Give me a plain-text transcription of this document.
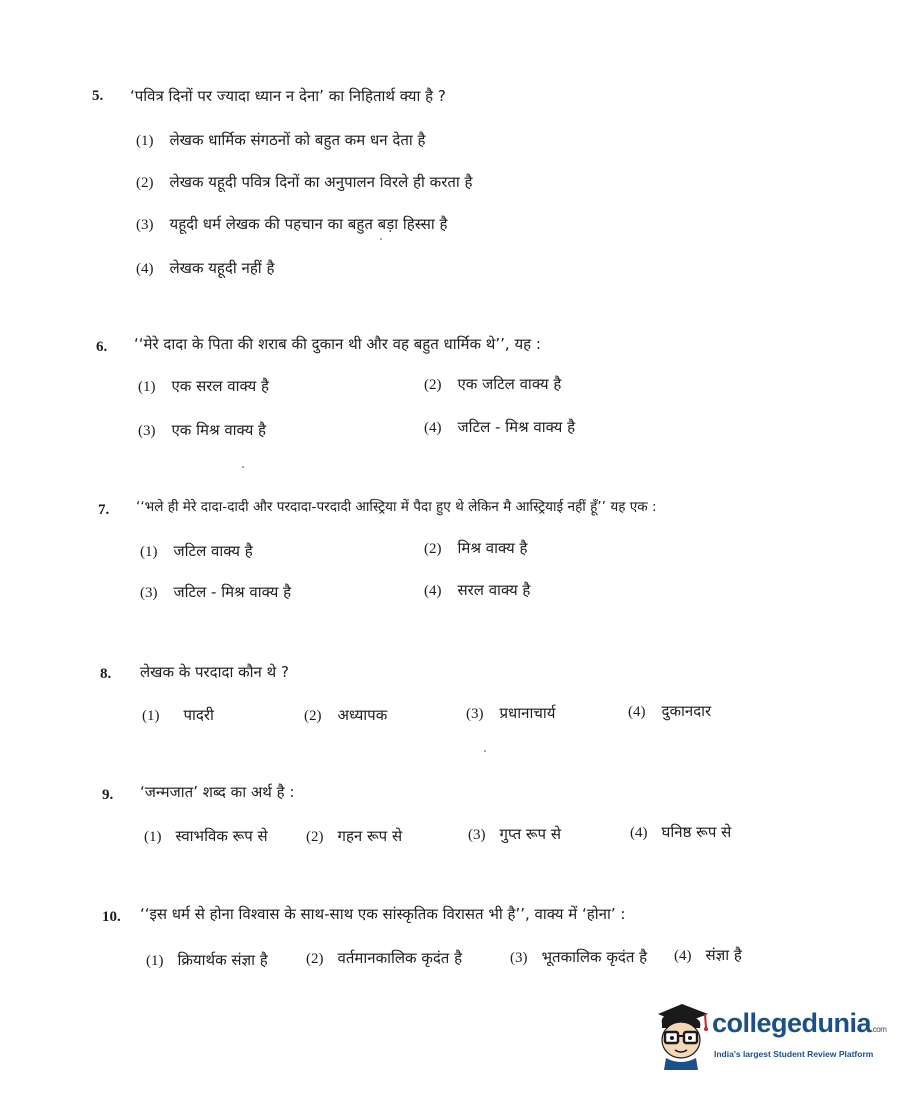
5. ‘पवित्र दिनों पर ज्यादा ध्यान न देना’ का निहितार्थ क्या है ?
(1) लेखक धार्मिक संगठनों को बहुत कम धन देता है
(2) लेखक यहूदी पवित्र दिनों का अनुपालन विरले ही करता है
(3) यहूदी धर्म लेखक की पहचान का बहुत बड़ा हिस्सा है
(4) लेखक यहूदी नहीं है
6. ‘‘मेरे दादा के पिता की शराब की दुकान थी और वह बहुत धार्मिक थे’’, यह :
(1) एक सरल वाक्य है	(2) एक जटिल वाक्य है
(3) एक मिश्र वाक्य है	(4) जटिल - मिश्र वाक्य है
7. ‘‘भले ही मेरे दादा-दादी और परदादा-परदादी आस्ट्रिया में पैदा हुए थे लेकिन मै आस्ट्रियाई नहीं हूँ’’ यह एक :
(1) जटिल वाक्य है	(2) मिश्र वाक्य है
(3) जटिल - मिश्र वाक्य है	(4) सरल वाक्य है
8. लेखक के परदादा कौन थे ?
(1) पादरी	(2) अध्यापक	(3) प्रधानाचार्य	(4) दुकानदार
9. ‘जन्मजात’ शब्द का अर्थ है :
(1) स्वाभविक रूप से	(2) गहन रूप से	(3) गुप्त रूप से	(4) घनिष्ठ रूप से
10. ‘‘इस धर्म से होना विश्वास के साथ-साथ एक सांस्कृतिक विरासत भी है’’, वाक्य में ‘होना’ :
(1) क्रियार्थक संज्ञा है	(2) वर्तमानकालिक कृदंत है	(3) भूतकालिक कृदंत है (4) संज्ञा है
collegedunia.com
India's largest Student Review Platform
